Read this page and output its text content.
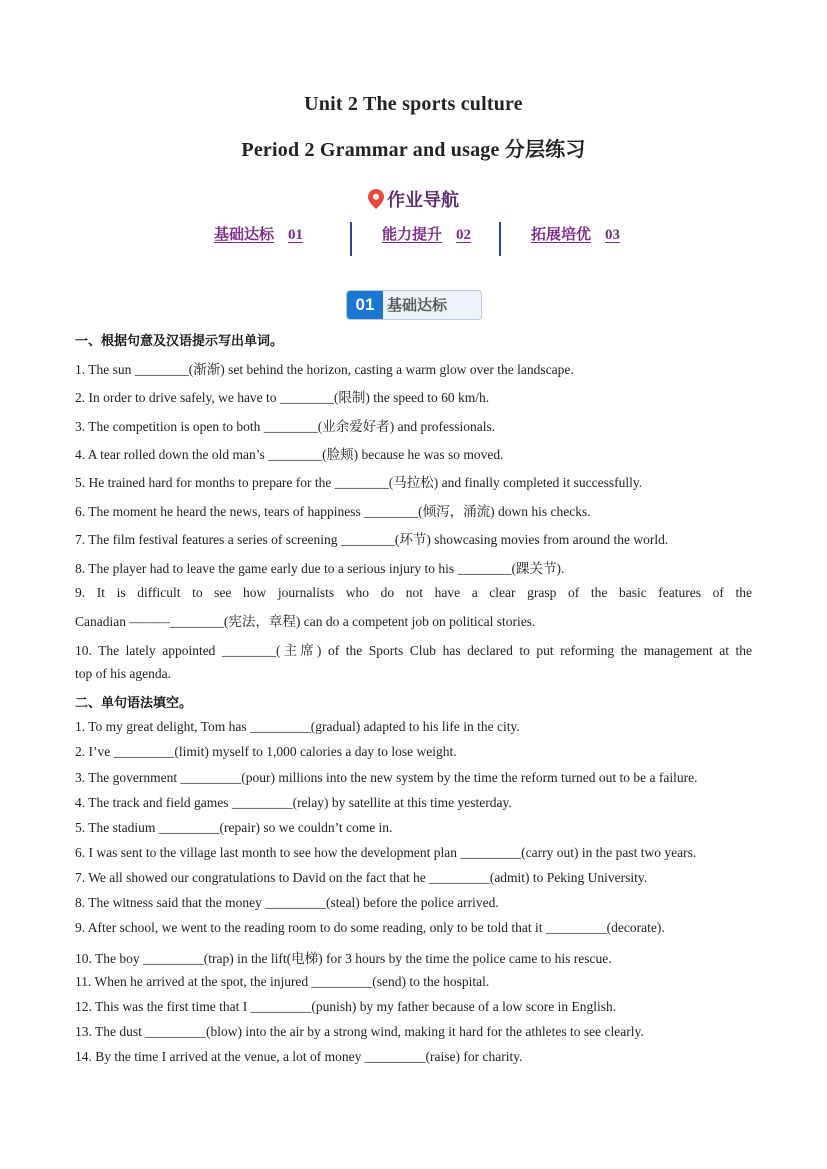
Unit 2 The sports culture
Period 2 Grammar and usage 分层练习
作业导航
基础达标 01	能力提升 02	拓展培优 03
01 基础达标
一、根据句意及汉语提示写出单词。
1. The sun ________(渐渐) set behind the horizon, casting a warm glow over the landscape.
2. In order to drive safely, we have to ________(限制) the speed to 60 km/h.
3. The competition is open to both ________(业余爱好者) and professionals.
4. A tear rolled down the old man’s ________(脸颊) because he was so moved.
5. He trained hard for months to prepare for the ________(马拉松) and finally completed it successfully.
6. The moment he heard the news, tears of happiness ________(倾泻，涌流) down his checks.
7. The film festival features a series of screening ________(环节) showcasing movies from around the world.
8. The player had to leave the game early due to a serious injury to his ________(踝关节).
9. It is difficult to see how journalists who do not have a clear grasp of the basic features of the
Canadian ———________(宪法，章程) can do a competent job on political stories.
10. The lately appointed ________(主席) of the Sports Club has declared to put reforming the management at the
top of his agenda.
二、单句语法填空。
1. To my great delight, Tom has _________(gradual) adapted to his life in the city.
2. I’ve _________(limit) myself to 1,000 calories a day to lose weight.
3. The government _________(pour) millions into the new system by the time the reform turned out to be a failure.
4. The track and field games _________(relay) by satellite at this time yesterday.
5. The stadium _________(repair) so we couldn’t come in.
6. I was sent to the village last month to see how the development plan _________(carry out) in the past two years.
7. We all showed our congratulations to David on the fact that he _________(admit) to Peking University.
8. The witness said that the money _________(steal) before the police arrived.
9. After school, we went to the reading room to do some reading, only to be told that it _________(decorate).
10. The boy _________(trap) in the lift(电梯) for 3 hours by the time the police came to his rescue.
11. When he arrived at the spot, the injured _________(send) to the hospital.
12. This was the first time that I _________(punish) by my father because of a low score in English.
13. The dust _________(blow) into the air by a strong wind, making it hard for the athletes to see clearly.
14. By the time I arrived at the venue, a lot of money _________(raise) for charity.
